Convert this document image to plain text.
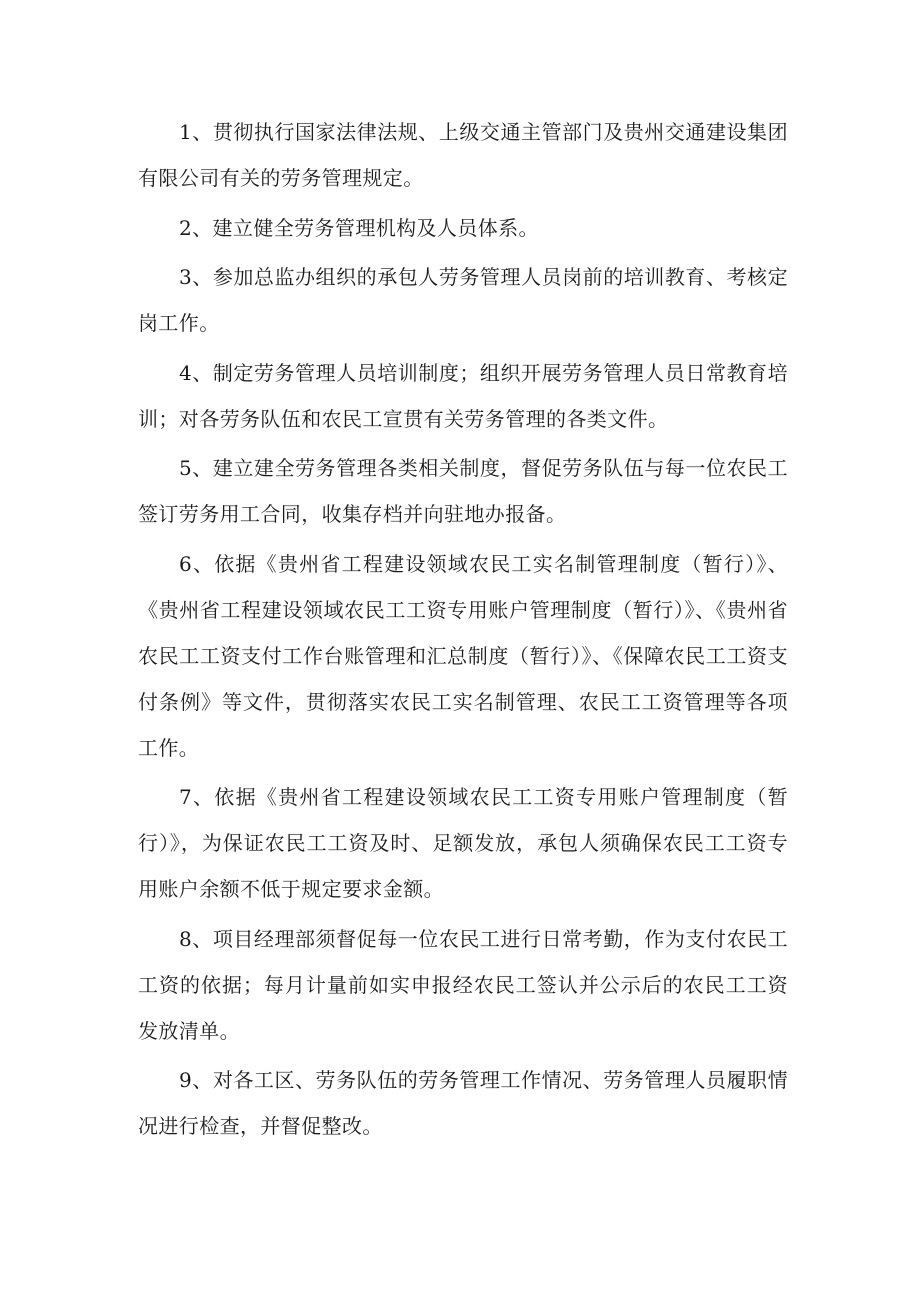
1、贯彻执行国家法律法规、上级交通主管部门及贵州交通建设集团有限公司有关的劳务管理规定。

2、建立健全劳务管理机构及人员体系。

3、参加总监办组织的承包人劳务管理人员岗前的培训教育、考核定岗工作。

4、制定劳务管理人员培训制度；组织开展劳务管理人员日常教育培训；对各劳务队伍和农民工宣贯有关劳务管理的各类文件。

5、建立建全劳务管理各类相关制度，督促劳务队伍与每一位农民工签订劳务用工合同，收集存档并向驻地办报备。

6、依据《贵州省工程建设领域农民工实名制管理制度（暂行）》、《贵州省工程建设领域农民工工资专用账户管理制度（暂行）》、《贵州省农民工工资支付工作台账管理和汇总制度（暂行）》、《保障农民工工资支付条例》等文件，贯彻落实农民工实名制管理、农民工工资管理等各项工作。

7、依据《贵州省工程建设领域农民工工资专用账户管理制度（暂行）》，为保证农民工工资及时、足额发放，承包人须确保农民工工资专用账户余额不低于规定要求金额。

8、项目经理部须督促每一位农民工进行日常考勤，作为支付农民工工资的依据；每月计量前如实申报经农民工签认并公示后的农民工工资发放清单。

9、对各工区、劳务队伍的劳务管理工作情况、劳务管理人员履职情况进行检查，并督促整改。
